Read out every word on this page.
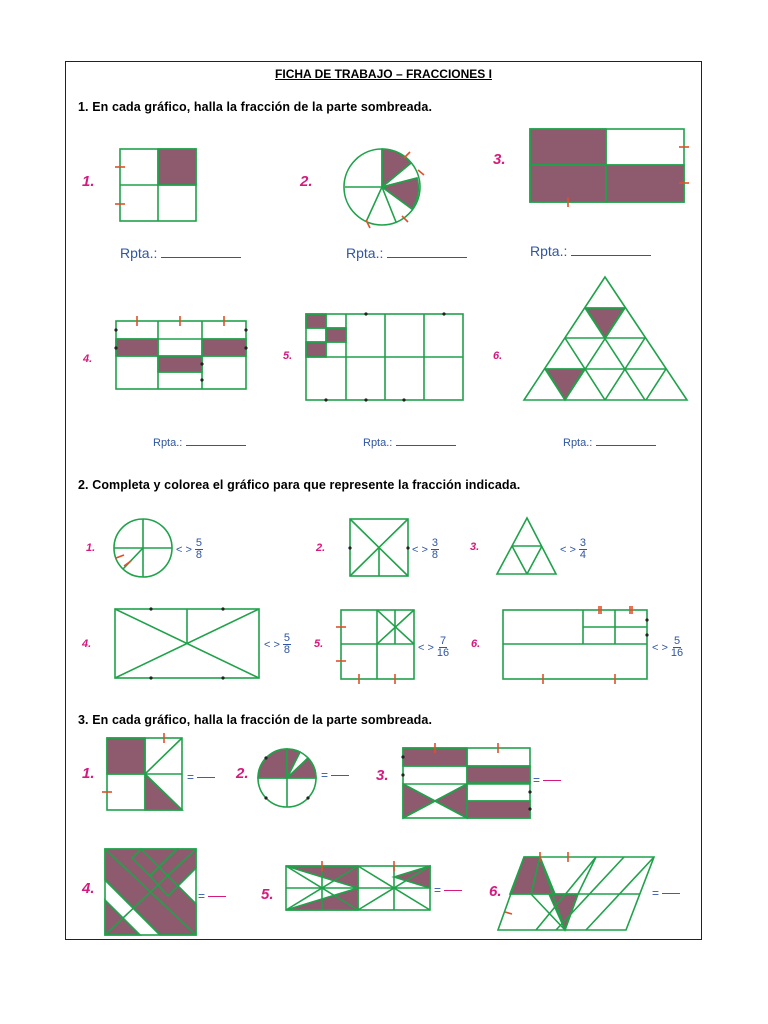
FICHA DE TRABAJO – FRACCIONES I
1. En cada gráfico, halla la fracción de la parte sombreada.
2. Completa y colorea el gráfico para que represente la fracción indicada.
3. En cada gráfico, halla la fracción de la parte sombreada.
1.	2.
3.
4.	5.	6.
Rpta.:	Rpta.:	Rpta.:
Rpta.:	Rpta.:	Rpta.:
1.	2.	3.
4.	5.	6.
< >
5
8	< >
3
8	< >
3
4
< >
5
8	< >
7
16	< >
5
16
1.	2.	3.
4.	5.	6.
=	=	=
=	=	=
